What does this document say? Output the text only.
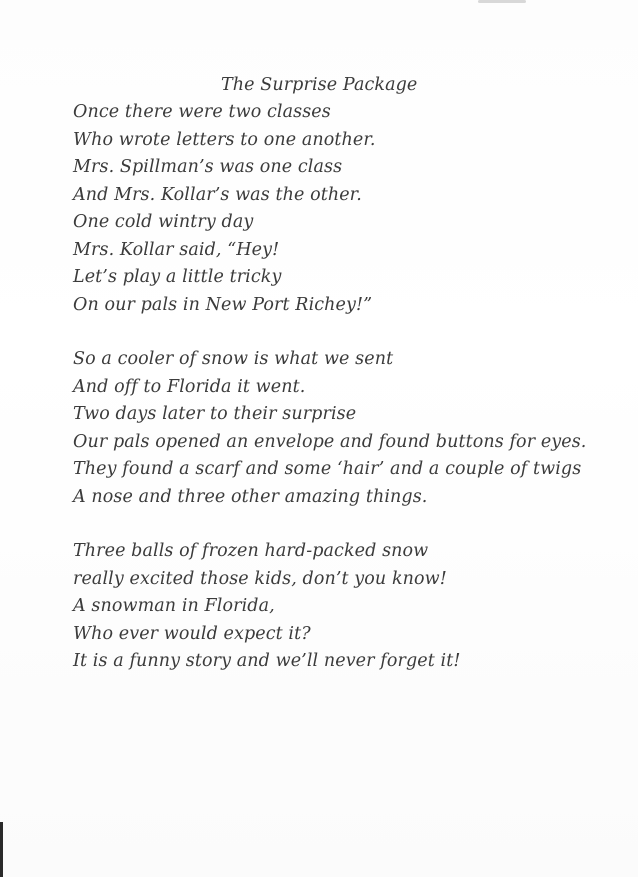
The Surprise Package
Once there were two classes
Who wrote letters to one another.
Mrs. Spillman’s was one class
And Mrs. Kollar’s was the other.
One cold wintry day
Mrs. Kollar said, “Hey!
Let’s play a little tricky
On our pals in New Port Richey!”
So a cooler of snow is what we sent
And off to Florida it went.
Two days later to their surprise
Our pals opened an envelope and found buttons for eyes.
They found a scarf and some ‘hair’ and a couple of twigs
A nose and three other amazing things.
Three balls of frozen hard-packed snow
really excited those kids, don’t you know!
A snowman in Florida,
Who ever would expect it?
It is a funny story and we’ll never forget it!
